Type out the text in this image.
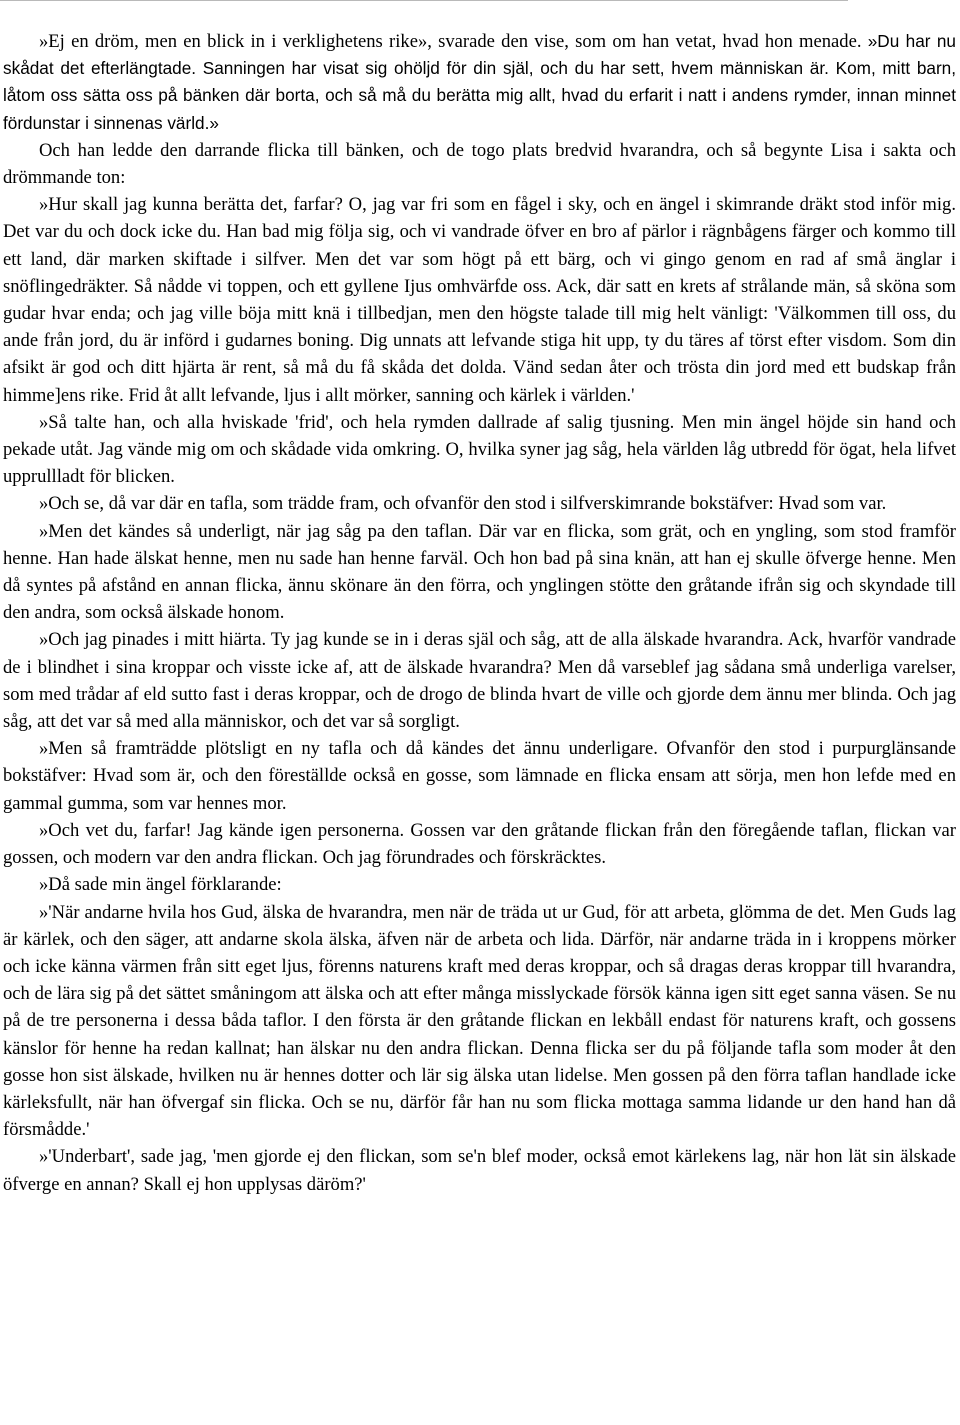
»Ej en dröm, men en blick in i verklighetens rike», svarade den vise, som om han vetat, hvad hon menade. »Du har nu skådat det efterlängtade. Sanningen har visat sig ohöljd för din själ, och du har sett, hvem människan är. Kom, mitt barn, låtom oss sätta oss på bänken där borta, och så må du berätta mig allt, hvad du erfarit i natt i andens rymder, innan minnet fördunstar i sinnenas värld.»

Och han ledde den darrande flicka till bänken, och de togo plats bredvid hvarandra, och så begynte Lisa i sakta och drömmande ton:

»Hur skall jag kunna berätta det, farfar? O, jag var fri som en fågel i sky, och en ängel i skimrande dräkt stod inför mig. Det var du och dock icke du. Han bad mig följa sig, och vi vandrade öfver en bro af pärlor i rägnbågens färger och kommo till ett land, där marken skiftade i silfver. Men det var som högt på ett bärg, och vi gingo genom en rad af små änglar i snöflingedräkter. Så nådde vi toppen, och ett gyllene Ijus omhvärfde oss. Ack, där satt en krets af strålande män, så sköna som gudar hvar enda; och jag ville böja mitt knä i tillbedjan, men den högste talade till mig helt vänligt: 'Välkommen till oss, du ande från jord, du är införd i gudarnes boning. Dig unnats att lefvande stiga hit upp, ty du täres af törst efter visdom. Som din afsikt är god och ditt hjärta är rent, så må du få skåda det dolda. Vänd sedan åter och trösta din jord med ett budskap från himme]ens rike. Frid åt allt lefvande, ljus i allt mörker, sanning och kärlek i världen.'

»Så talte han, och alla hviskade 'frid', och hela rymden dallrade af salig tjusning. Men min ängel höjde sin hand och pekade utåt. Jag vände mig om och skådade vida omkring. O, hvilka syner jag såg, hela världen låg utbredd för ögat, hela lifvet upprullladt för blicken.

»Och se, då var där en tafla, som trädde fram, och ofvanför den stod i silfverskimrande bokstäfver: Hvad som var.

»Men det kändes så underligt, när jag såg pa den taflan. Där var en flicka, som grät, och en yngling, som stod framför henne. Han hade älskat henne, men nu sade han henne farväl. Och hon bad på sina knän, att han ej skulle öfverge henne. Men då syntes på afstånd en annan flicka, ännu skönare än den förra, och ynglingen stötte den gråtande ifrån sig och skyndade till den andra, som också älskade honom.

»Och jag pinades i mitt hiärta. Ty jag kunde se in i deras själ och såg, att de alla älskade hvarandra. Ack, hvarför vandrade de i blindhet i sina kroppar och visste icke af, att de älskade hvarandra? Men då varseblef jag sådana små underliga varelser, som med trådar af eld sutto fast i deras kroppar, och de drogo de blinda hvart de ville och gjorde dem ännu mer blinda. Och jag såg, att det var så med alla människor, och det var så sorgligt.

»Men så framträdde plötsligt en ny tafla och då kändes det ännu underligare. Ofvanför den stod i purpurglänsande bokstäfver: Hvad som är, och den föreställde också en gosse, som lämnade en flicka ensam att sörja, men hon lefde med en gammal gumma, som var hennes mor.

»Och vet du, farfar! Jag kände igen personerna. Gossen var den gråtande flickan från den föregående taflan, flickan var gossen, och modern var den andra flickan. Och jag förundrades och förskräcktes.

»Då sade min ängel förklarande:

»'När andarne hvila hos Gud, älska de hvarandra, men när de träda ut ur Gud, för att arbeta, glömma de det. Men Guds lag är kärlek, och den säger, att andarne skola älska, äfven när de arbeta och lida. Därför, när andarne träda in i kroppens mörker och icke känna värmen från sitt eget ljus, förenns naturens kraft med deras kroppar, och så dragas deras kroppar till hvarandra, och de lära sig på det sättet småningom att älska och att efter många misslyckade försök känna igen sitt eget sanna väsen. Se nu på de tre personerna i dessa båda taflor. I den första är den gråtande flickan en lekbåll endast för naturens kraft, och gossens känslor för henne ha redan kallnat; han älskar nu den andra flickan. Denna flicka ser du på följande tafla som moder åt den gosse hon sist älskade, hvilken nu är hennes dotter och lär sig älska utan lidelse. Men gossen på den förra taflan handlade icke kärleksfullt, när han öfvergaf sin flicka. Och se nu, därför får han nu som flicka mottaga samma lidande ur den hand han då försmådde.'

»'Underbart', sade jag, 'men gjorde ej den flickan, som se'n blef moder, också emot kärlekens lag, när hon lät sin älskade öfverge en annan? Skall ej hon upplysas däröm?'
